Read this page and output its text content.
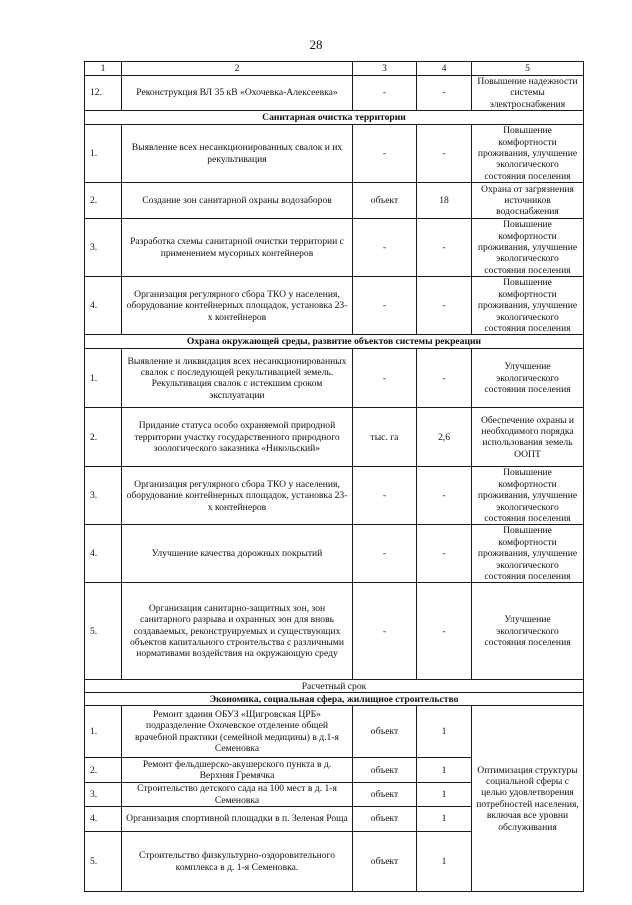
28
1	2	3	4	5
12.	Реконструкция ВЛ 35 кВ «Охочевка-Алексеевка»	-	-	Повышение надежности системы электроснабжения
Санитарная очистка территории				
1.	Выявление всех несанкционированных свалок и их рекультивация	-	-	Повышение комфортности проживания, улучшение экологического состояния поселения
2.	Создание зон санитарной охраны водозаборов	объект	18	Охрана от загрязнения источников водоснабжения
3.	Разработка схемы санитарной очистки территории с применением мусорных контейнеров	-	-	Повышение комфортности проживания, улучшение экологического состояния поселения
4.	Организация регулярного сбора ТКО у населения, оборудование контейнерных площадок, установка 23-х контейнеров	-	-	Повышение комфортности проживания, улучшение экологического состояния поселения
Охрана окружающей среды, развитие объектов системы рекреации				
1.	Выявление и ликвидация всех несанкционированных свалок с последующей рекультивацией земель. Рекультивация свалок с истекшим сроком эксплуатации	-	-	Улучшение экологического состояния поселения
2.	Придание статуса особо охраняемой природной территории участку государственного природного зоологического заказника «Никольский»	тыс. га	2,6	Обеспечение охраны и необходимого порядка использования земель ООПТ
3.	Организация регулярного сбора ТКО у населения, оборудование контейнерных площадок, установка 23-х контейнеров	-	-	Повышение комфортности проживания, улучшение экологического состояния поселения
4.	Улучшение качества дорожных покрытий	-	-	Повышение комфортности проживания, улучшение экологического состояния поселения
5.	Организация санитарно-защитных зон, зон санитарного разрыва и охранных зон для вновь создаваемых, реконструируемых и существующих объектов капитального строительства с различными нормативами воздействия на окружающую среду	-	-	Улучшение экологического состояния поселения
Расчетный срок				
Экономика, социальная сфера, жилищное строительство				
1.	Ремонт здания ОБУЗ «Щигровская ЦРБ» подразделение Охочевское отделение общей врачебной практики (семейной медицины) в д.1-я Семеновка	объект	1	Оптимизация структуры социальной сферы с целью удовлетворения потребностей населения, включая все уровни обслуживания
2.	Ремонт фельдшерско-акушерского пункта в д. Верхняя Гремячка	объект	1	
3.	Строительство детского сада на 100 мест в д. 1-я Семеновка	объект	1	
4.	Организация спортивной площадки в п. Зеленая Роща	объект	1	
5.	Строительство физкультурно-оздоровительного комплекса в д. 1-я Семеновка.	объект	1	
